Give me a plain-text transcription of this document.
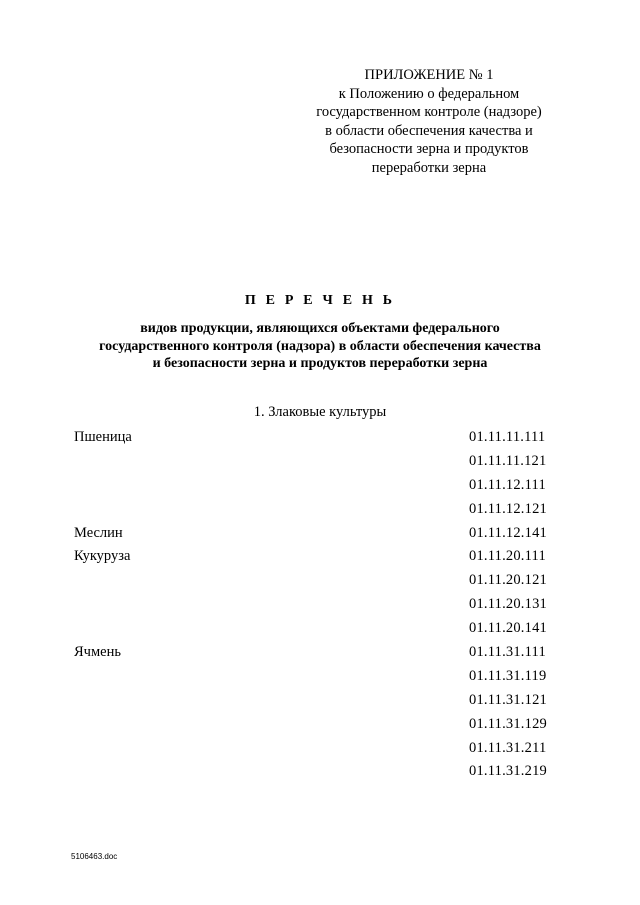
ПРИЛОЖЕНИЕ № 1
к Положению о федеральном
государственном контроле (надзоре)
в области обеспечения качества и
безопасности зерна и продуктов
переработки зерна
П Е Р Е Ч Е Н Ь
видов продукции, являющихся объектами федерального
государственного контроля (надзора) в области обеспечения качества
и безопасности зерна и продуктов переработки зерна
1. Злаковые культуры
Пшеница	01.11.11.111
01.11.11.121
01.11.12.111
01.11.12.121
Меслин	01.11.12.141
Кукуруза	01.11.20.111
01.11.20.121
01.11.20.131
01.11.20.141
Ячмень	01.11.31.111
01.11.31.119
01.11.31.121
01.11.31.129
01.11.31.211
01.11.31.219
5106463.doc
